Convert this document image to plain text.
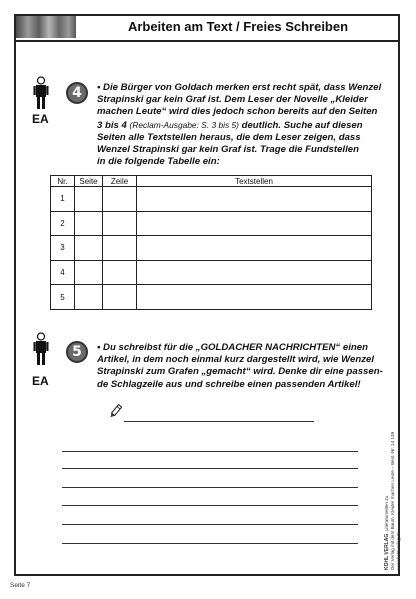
Arbeiten am Text / Freies Schreiben
EA
4	• Die Bürger von Goldach merken erst recht spät, dass Wenzel
Strapinski gar kein Graf ist. Dem Leser der Novelle „Kleider
machen Leute“ wird dies jedoch schon bereits auf den Seiten
3 bis 4 (Reclam-Ausgabe: S. 3 bis 5) deutlich. Suche auf diesen
Seiten alle Textstellen heraus, die dem Leser zeigen, dass
Wenzel Strapinski gar kein Graf ist. Trage die Fundstellen
in die folgende Tabelle ein:
Nr.	Seite	Zeile	Textstellen
1			
2			
3			
4			
5			
EA
5	• Du schreibst für die „GOLDACHER NACHRICHTEN“ einen
Artikel, in dem noch einmal kurz dargestellt wird, wie Wenzel
Strapinski zum Grafen „gemacht“ wird. Denke dir eine passen-
de Schlagzeile aus und schreibe einen passenden Artikel!
KOHL VERLAG  Literaturseiten zu
Der Verlag mit dem Baum  Kleider machen Leute – Best.-Nr. 14 139
www.kohlverlag.de
Seite 7
